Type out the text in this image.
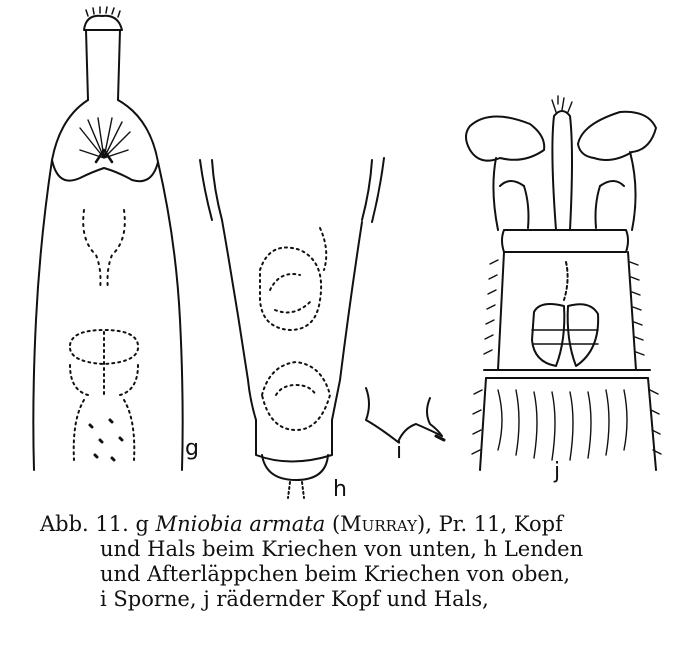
g
h
i
j
Abb. 11. g Mniobia armata (Murray), Pr. 11, Kopf
und Hals beim Kriechen von unten, h Lenden
und Afterläppchen beim Kriechen von oben,
i Sporne, j rädernder Kopf und Hals,
